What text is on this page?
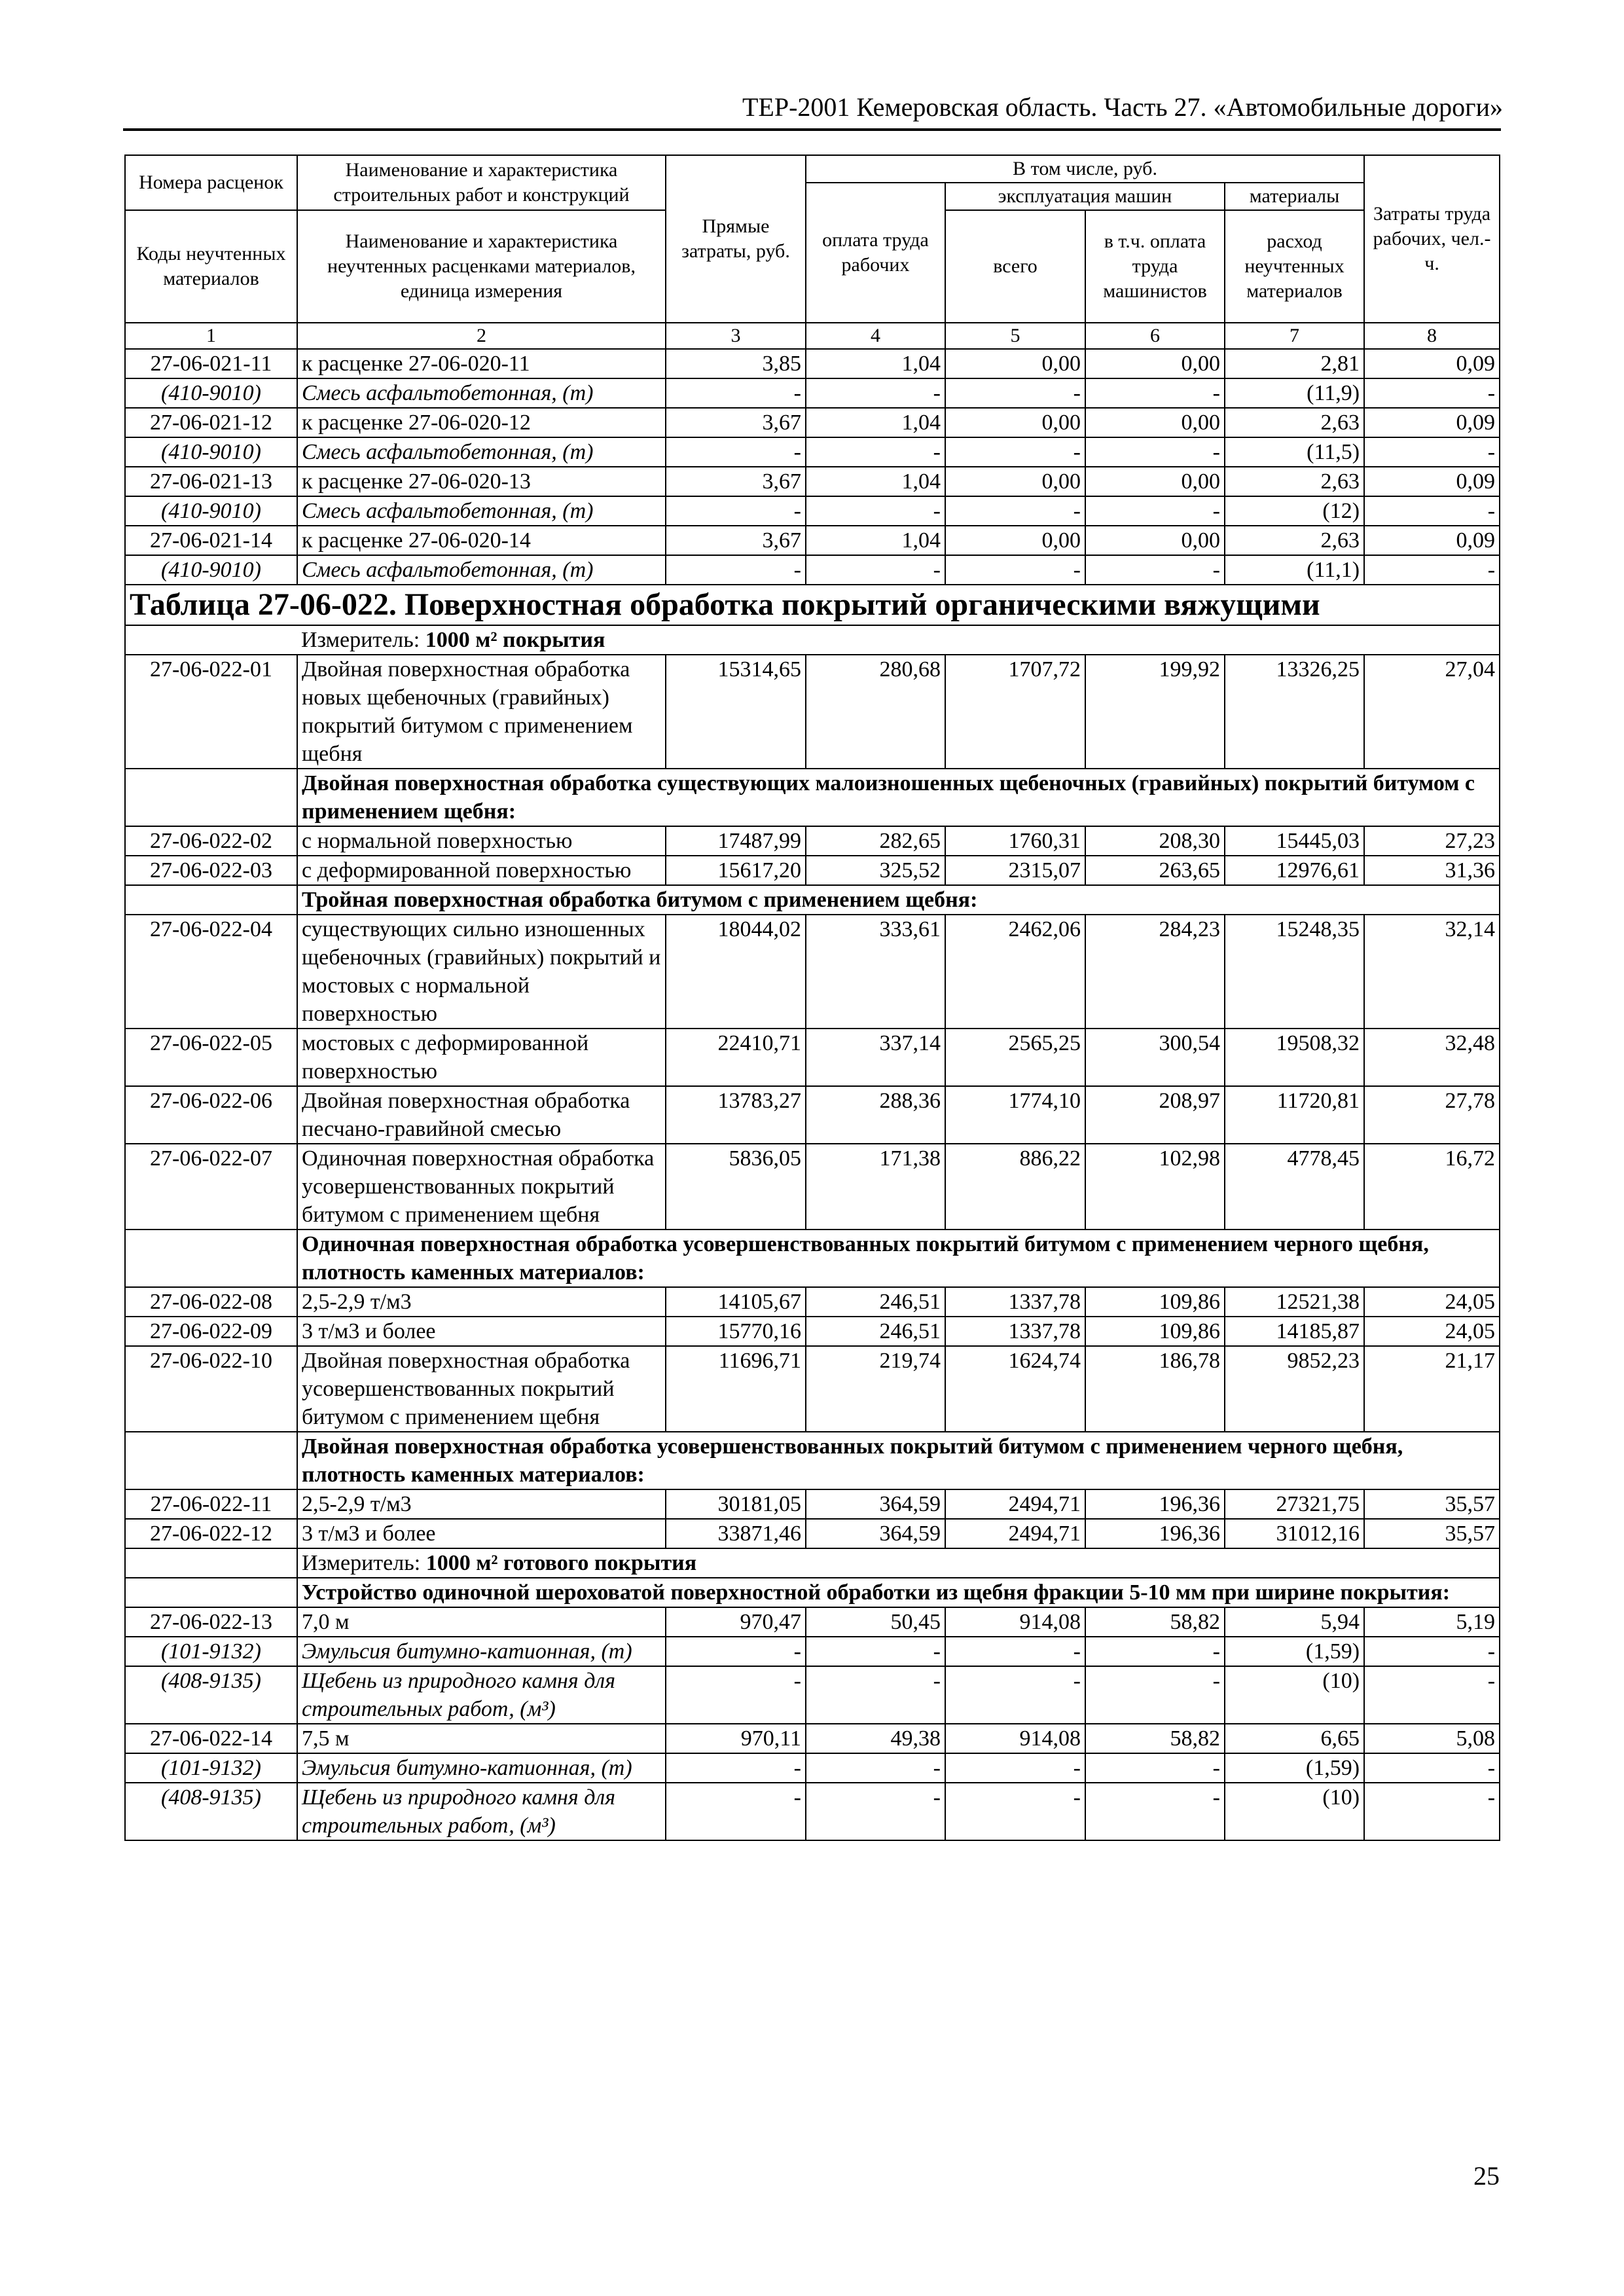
ТЕР-2001 Кемеровская область. Часть 27. «Автомобильные дороги»
Номера расценок	Наименование и характеристика строительных работ и конструкций	Прямые затраты, руб.	В том числе, руб.				Затраты труда рабочих, чел.-ч.
			оплата труда рабочих	эксплуатация машин		материалы	
Коды неучтенных материалов	Наименование и характеристика неучтенных расценками материалов, единица измерения			всего	в т.ч. оплата труда машинистов	расход неучтенных материалов	

1	2	3	4	5	6	7	8
27-06-021-11	к расценке 27-06-020-11	3,85	1,04	0,00	0,00	2,81	0,09
(410-9010)	Смесь асфальтобетонная, (т)	-	-	-	-	(11,9)	-
27-06-021-12	к расценке 27-06-020-12	3,67	1,04	0,00	0,00	2,63	0,09
(410-9010)	Смесь асфальтобетонная, (т)	-	-	-	-	(11,5)	-
27-06-021-13	к расценке 27-06-020-13	3,67	1,04	0,00	0,00	2,63	0,09
(410-9010)	Смесь асфальтобетонная, (т)	-	-	-	-	(12)	-
27-06-021-14	к расценке 27-06-020-14	3,67	1,04	0,00	0,00	2,63	0,09
(410-9010)	Смесь асфальтобетонная, (т)	-	-	-	-	(11,1)	-

Таблица 27-06-022. Поверхностная обработка покрытий органическими вяжущими							

	Измеритель: 1000 м² покрытия						
27-06-022-01	Двойная поверхностная обработка новых щебеночных (гравийных) покрытий битумом с применением щебня	15314,65	280,68	1707,72	199,92	13326,25	27,04
	Двойная поверхностная обработка существующих малоизношенных щебеночных (гравийных) покрытий битумом с применением щебня:						
27-06-022-02	с нормальной поверхностью	17487,99	282,65	1760,31	208,30	15445,03	27,23
27-06-022-03	с деформированной поверхностью	15617,20	325,52	2315,07	263,65	12976,61	31,36
	Тройная поверхностная обработка битумом с применением щебня:						
27-06-022-04	существующих сильно изношенных щебеночных (гравийных) покрытий и мостовых с нормальной поверхностью	18044,02	333,61	2462,06	284,23	15248,35	32,14
27-06-022-05	мостовых с деформированной поверхностью	22410,71	337,14	2565,25	300,54	19508,32	32,48
27-06-022-06	Двойная поверхностная обработка песчано-гравийной смесью	13783,27	288,36	1774,10	208,97	11720,81	27,78
27-06-022-07	Одиночная поверхностная обработка усовершенствованных покрытий битумом с применением щебня	5836,05	171,38	886,22	102,98	4778,45	16,72
	Одиночная поверхностная обработка усовершенствованных покрытий битумом с применением черного щебня, плотность каменных материалов:						
27-06-022-08	2,5-2,9 т/м3	14105,67	246,51	1337,78	109,86	12521,38	24,05
27-06-022-09	3 т/м3 и более	15770,16	246,51	1337,78	109,86	14185,87	24,05
27-06-022-10	Двойная поверхностная обработка усовершенствованных покрытий битумом с применением щебня	11696,71	219,74	1624,74	186,78	9852,23	21,17
	Двойная поверхностная обработка усовершенствованных покрытий битумом с применением черного щебня, плотность каменных материалов:						
27-06-022-11	2,5-2,9 т/м3	30181,05	364,59	2494,71	196,36	27321,75	35,57
27-06-022-12	3 т/м3 и более	33871,46	364,59	2494,71	196,36	31012,16	35,57
	Измеритель: 1000 м² готового покрытия						
	Устройство одиночной шероховатой поверхностной обработки из щебня фракции 5-10 мм при ширине покрытия:						
27-06-022-13	7,0 м	970,47	50,45	914,08	58,82	5,94	5,19
(101-9132)	Эмульсия битумно-катионная, (т)	-	-	-	-	(1,59)	-
(408-9135)	Щебень из природного камня для строительных работ, (м³)	-	-	-	-	(10)	-
27-06-022-14	7,5 м	970,11	49,38	914,08	58,82	6,65	5,08
(101-9132)	Эмульсия битумно-катионная, (т)	-	-	-	-	(1,59)	-
(408-9135)	Щебень из природного камня для строительных работ, (м³)	-	-	-	-	(10)	-
25
